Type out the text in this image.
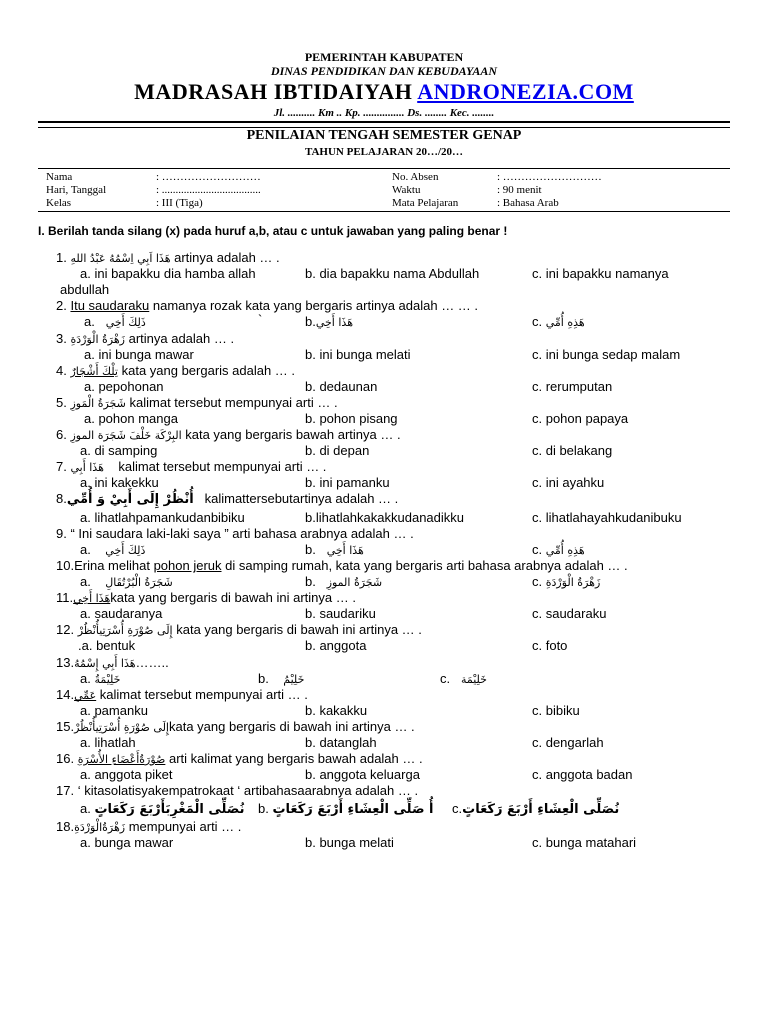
PEMERINTAH KABUPATEN
DINAS PENDIDIKAN DAN KEBUDAYAAN
MADRASAH IBTIDAIYAH ANDRONEZIA.COM
Jl. .......... Km .. Kp. ............... Ds. ........ Kec. ........
PENILAIAN TENGAH SEMESTER GENAP
TAHUN PELAJARAN 20…/20…
Nama	: ………………………
Hari, Tanggal	: ....................................
Kelas	: III (Tiga)
No. Absen	: ………………………
Waktu	: 90 menit
Mata Pelajaran	: Bahasa Arab
I. Berilah tanda silang (x) pada huruf a,b, atau c untuk jawaban yang paling benar !
1. هَذَا اَبِي اِسْمُهُ عَبْدُ اللهِ artinya adalah … .
a. ini bapakku dia hamba allah	b. dia bapakku nama Abdullah	c. ini bapakku namanya
abdullah
2. Itu saudaraku namanya rozak kata yang bergaris artinya adalah … … .
a. ذَلِكَ أَخِي	`	b.هَذَا أَخِي	c. هَذِهِ أُمِّي
3. زَهْرَةُ الْوَرْدَةِ artinya adalah … .
a. ini bunga mawar	b. ini bunga melati	c. ini bunga sedap malam
4. تِلْكَ أَشْجَارٌ kata yang bergaris adalah … .
a. pepohonan	b. dedaunan	c. rerumputan
5. شَجَرَةُ الْمَوزِ kalimat tersebut mempunyai arti … .
a. pohon manga	b. pohon pisang	c. pohon papaya
6. البِرْكَة خَلْفَ شَجَرَة الموزِ kata yang bergaris bawah artinya … .
a. di samping	b. di depan	c. di belakang
7. هَذَا أَبِي    kalimat tersebut mempunyai arti … .
a. ini kakekku	b. ini pamanku	c. ini ayahku
8.أُنْظُرْ إِلَى أَبِيْ وَ أُمِّي   kalimattersebutartinya adalah … .
a. lihatlahpamankudanbibiku	b.lihatlahkakakkudanadikku	c. lihatlahayahkudanibuku
9. “ Ini saudara laki-laki saya ” arti bahasa arabnya adalah … .
a. ذَلِكَ أَخِي	b. هَذَا أَخِي	c. هَذِهِ أُمِّي
10.Erina melihat pohon jeruk di samping rumah, kata yang bergaris arti bahasa arabnya adalah … .
a. شَجَرَةُ الْبُرْتُقَالِ	b. شَجَرَةُ الموزِ	c. زَهْرَةُ الْوَرْدَةِ
11.هَذَا أَخِيkata yang bergaris di bawah ini artinya … .
a. saudaranya	b. saudariku	c. saudaraku
12. إِلَى صُوْرَةِ أُسْرَتِيأُنْظُرْ kata yang bergaris di bawah ini artinya … .
.a. bentuk	b. anggota	c. foto
13.هَذَا أَبِي إِسْمُهُ……..
a. خَلِيْمَةُ	b. خَلِيْمُ	c. خَلِيْمَة
14.عَمِّي kalimat tersebut mempunyai arti … .
a. pamanku	b. kakakku	c. bibiku
15.إِلَى صُوْرَةِ أُسْرَتِيأُنْظُرْkata yang bergaris di bawah ini artinya … .
a. lihatlah	b. datanglah	c. dengarlah
16. صُوْرَةُأَعْضَاءِ الأُسْرَةِ arti kalimat yang bergaris bawah adalah … .
a. anggota piket	b. anggota keluarga	c. anggota badan
17. ‘ kitasolatisyakempatrokaat ‘ artibahasaarabnya adalah … .
a. نُصَلِّى الْمَغْرِبَأَرْبَعَ رَكَعَاتٍ b. أُ صَلِّى الْعِشَاءِ أَرْبَعَ رَكَعَاتٍ c.نُصَلِّى الْعِشَاءِ أَرْبَعَ رَكَعَاتٍ
18.زَهْرَةُالْوَرْدَةِ mempunyai arti … .
a. bunga mawar	b. bunga melati	c. bunga matahari
